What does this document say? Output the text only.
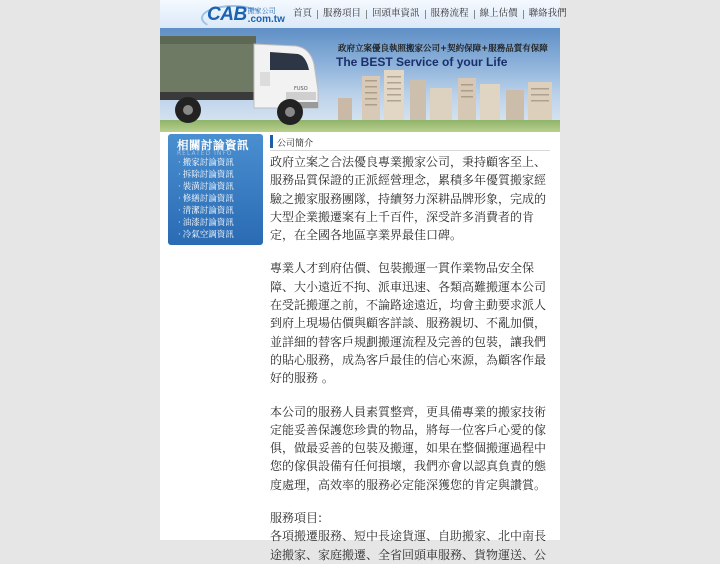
CAB 搬家公司
.com.tw
首頁	服務項目	回頭車資訊	服務流程	線上估價	聯絡我們
FUSO
政府立案優良執照搬家公司+契約保障+服務品質有保障
The BEST Service of your Life
相關討論資訊
RELATED INFO
· 搬家討論資訊
· 拆除討論資訊
· 裝潢討論資訊
· 修繕討論資訊
· 清潔討論資訊
· 油漆討論資訊
· 冷氣空調資訊
公司簡介

政府立案之合法優良專業搬家公司，秉持顧客至上、服務品質保證的正派經營理念，累積多年優質搬家經驗之搬家服務團隊，持續努力深耕品牌形象，完成的大型企業搬遷案有上千百件，深受許多消費者的肯定，在全國各地區享業界最佳口碑。

專業人才到府估價、包裝搬運一貫作業物品安全保障、大小遠近不拘、派車迅速、各類高難搬運本公司在受託搬運之前，不論路途遠近，均會主動要求派人到府上現場估價與顧客詳談、服務親切、不亂加價，並詳細的替客戶規劃搬運流程及完善的包裝，讓我們的貼心服務，成為客戶最佳的信心來源，為顧客作最好的服務 。

本公司的服務人員素質整齊，更具備專業的搬家技術定能妥善保護您珍貴的物品，將每一位客戶心愛的傢俱，做最妥善的包裝及搬運，如果在整個搬運過程中您的傢俱設備有任何損壞，我們亦會以認真負責的態度處理，高效率的服務必定能深獲您的肯定與讚賞。

服務項目:
各項搬遷服務、短中長途貨運、自助搬家、北中南長途搬家、家庭搬遷、全省回頭車服務、貨物運送、公
